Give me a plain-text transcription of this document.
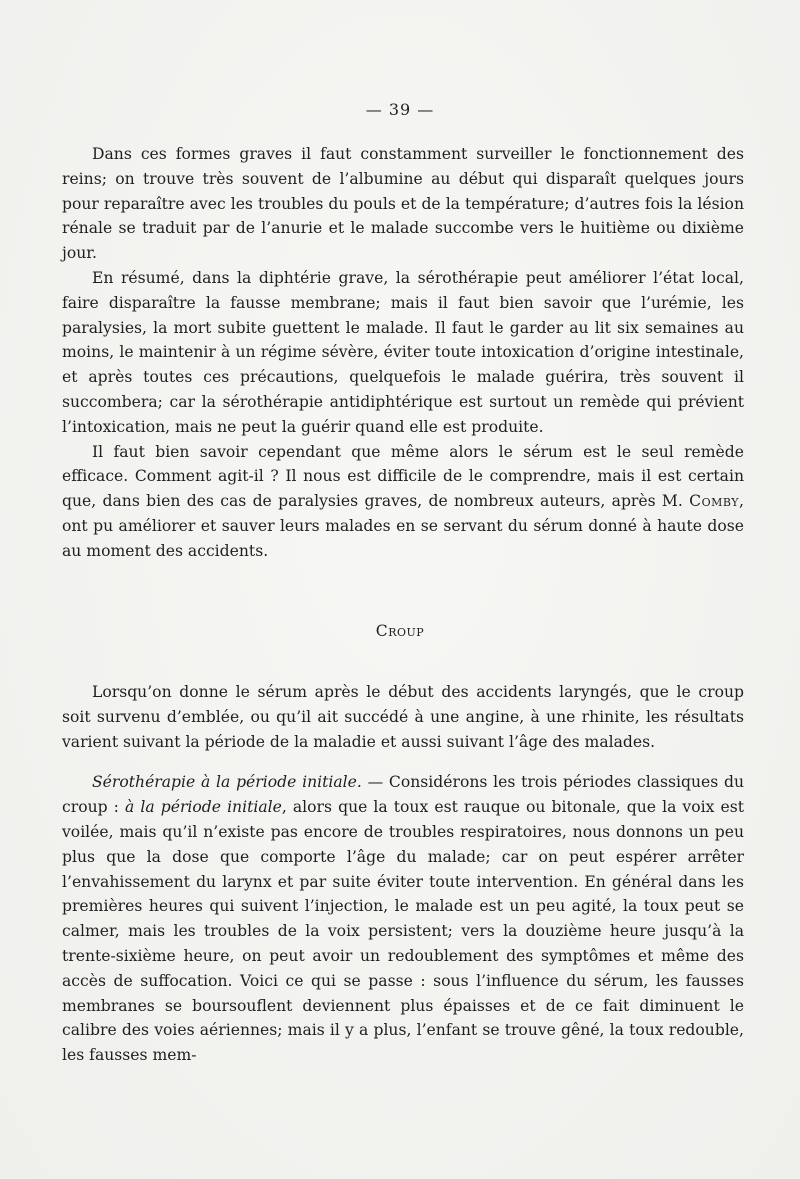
— 39 —

Dans ces formes graves il faut constamment surveiller le fonctionnement des reins; on trouve très souvent de l’albumine au début qui disparaît quelques jours pour reparaître avec les troubles du pouls et de la température; d’autres fois la lésion rénale se traduit par de l’anurie et le malade succombe vers le huitième ou dixième jour.

En résumé, dans la diphtérie grave, la sérothérapie peut améliorer l’état local, faire disparaître la fausse membrane; mais il faut bien savoir que l’urémie, les paralysies, la mort subite guettent le malade. Il faut le garder au lit six semaines au moins, le maintenir à un régime sévère, éviter toute intoxication d’origine intestinale, et après toutes ces précautions, quelquefois le malade guérira, très souvent il succombera; car la sérothérapie antidiphtérique est surtout un remède qui prévient l’intoxication, mais ne peut la guérir quand elle est produite.

Il faut bien savoir cependant que même alors le sérum est le seul remède efficace. Comment agit-il ? Il nous est difficile de le comprendre, mais il est certain que, dans bien des cas de paralysies graves, de nombreux auteurs, après M. Comby, ont pu améliorer et sauver leurs malades en se servant du sérum donné à haute dose au moment des accidents.

Croup

Lorsqu’on donne le sérum après le début des accidents laryngés, que le croup soit survenu d’emblée, ou qu’il ait succédé à une angine, à une rhinite, les résultats varient suivant la période de la maladie et aussi suivant l’âge des malades.

Sérothérapie à la période initiale. — Considérons les trois périodes classiques du croup : à la période initiale, alors que la toux est rauque ou bitonale, que la voix est voilée, mais qu’il n’existe pas encore de troubles respiratoires, nous donnons un peu plus que la dose que comporte l’âge du malade; car on peut espérer arrêter l’envahissement du larynx et par suite éviter toute intervention. En général dans les premières heures qui suivent l’injection, le malade est un peu agité, la toux peut se calmer, mais les troubles de la voix persistent; vers la douzième heure jusqu’à la trente-sixième heure, on peut avoir un redoublement des symptômes et même des accès de suffocation. Voici ce qui se passe : sous l’influence du sérum, les fausses membranes se boursouflent deviennent plus épaisses et de ce fait diminuent le calibre des voies aériennes; mais il y a plus, l’enfant se trouve gêné, la toux redouble, les fausses mem-
